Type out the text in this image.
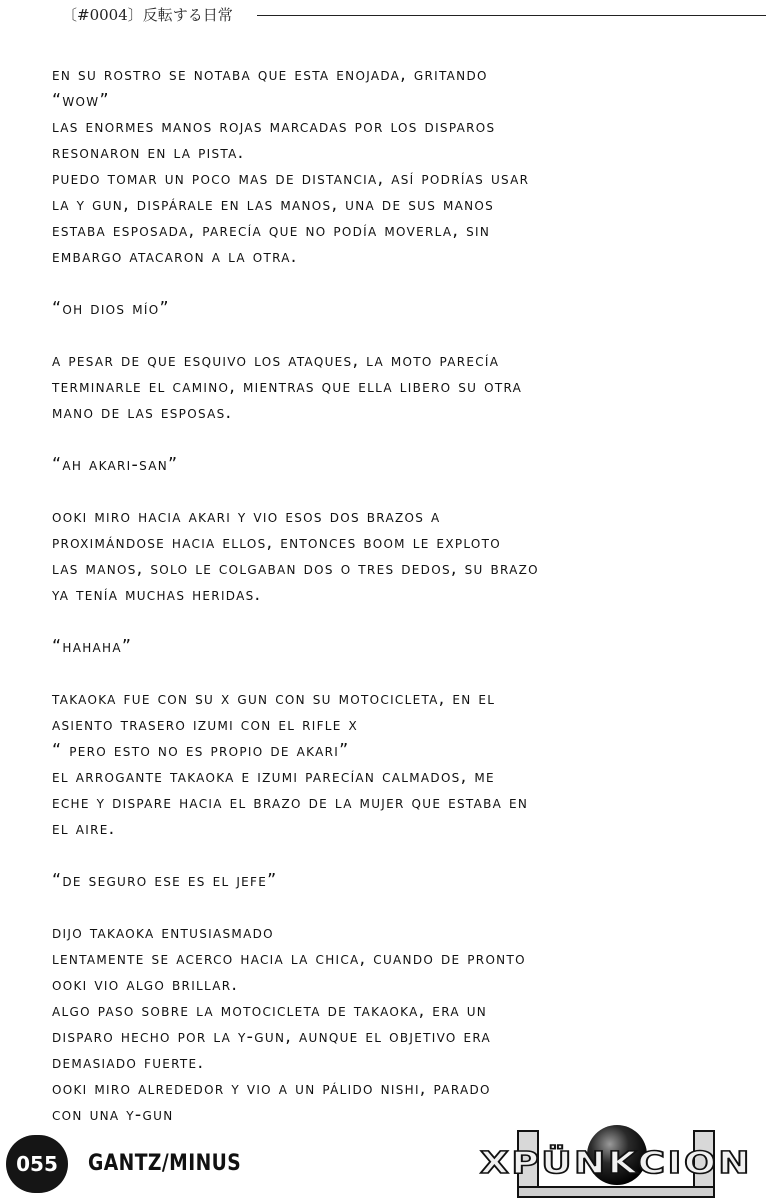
〔#0004〕反転する日常
en su rostro se notaba que esta enojada, gritando
“wow”
las enormes manos rojas marcadas por los disparos
resonaron en la pista.
puedo tomar un poco mas de distancia, así podrías usar
la y gun, dispárale en las manos, una de sus manos
estaba esposada, parecía que no podía moverla, sin
embargo atacaron a la otra.
“oh dios mío”
a pesar de que esquivo los ataques, la moto parecía
terminarle el camino, mientras que ella libero su otra
mano de las esposas.
“ah akari-san”
ooki miro hacia akari y vio esos dos brazos a
proximándose hacia ellos, entonces boom le exploto
las manos, solo le colgaban dos o tres dedos, su brazo
ya tenía muchas heridas.
“hahaha”
takaoka fue con su x gun con su motocicleta, en el
asiento trasero izumi con el rifle x
“ pero esto no es propio de akari”
el arrogante takaoka e izumi parecían calmados, me
eche y dispare hacia el brazo de la mujer que estaba en
el aire.
“de seguro ese es el jefe”
dijo takaoka entusiasmado
lentamente se acerco hacia la chica, cuando de pronto
ooki vio algo brillar.
algo paso sobre la motocicleta de takaoka, era un
disparo hecho por la y-gun, aunque el objetivo era
demasiado fuerte.
ooki miro alrededor y vio a un pálido nishi, parado
con una y-gun
055	GANTZ/MINUS	XPÜNKCION
